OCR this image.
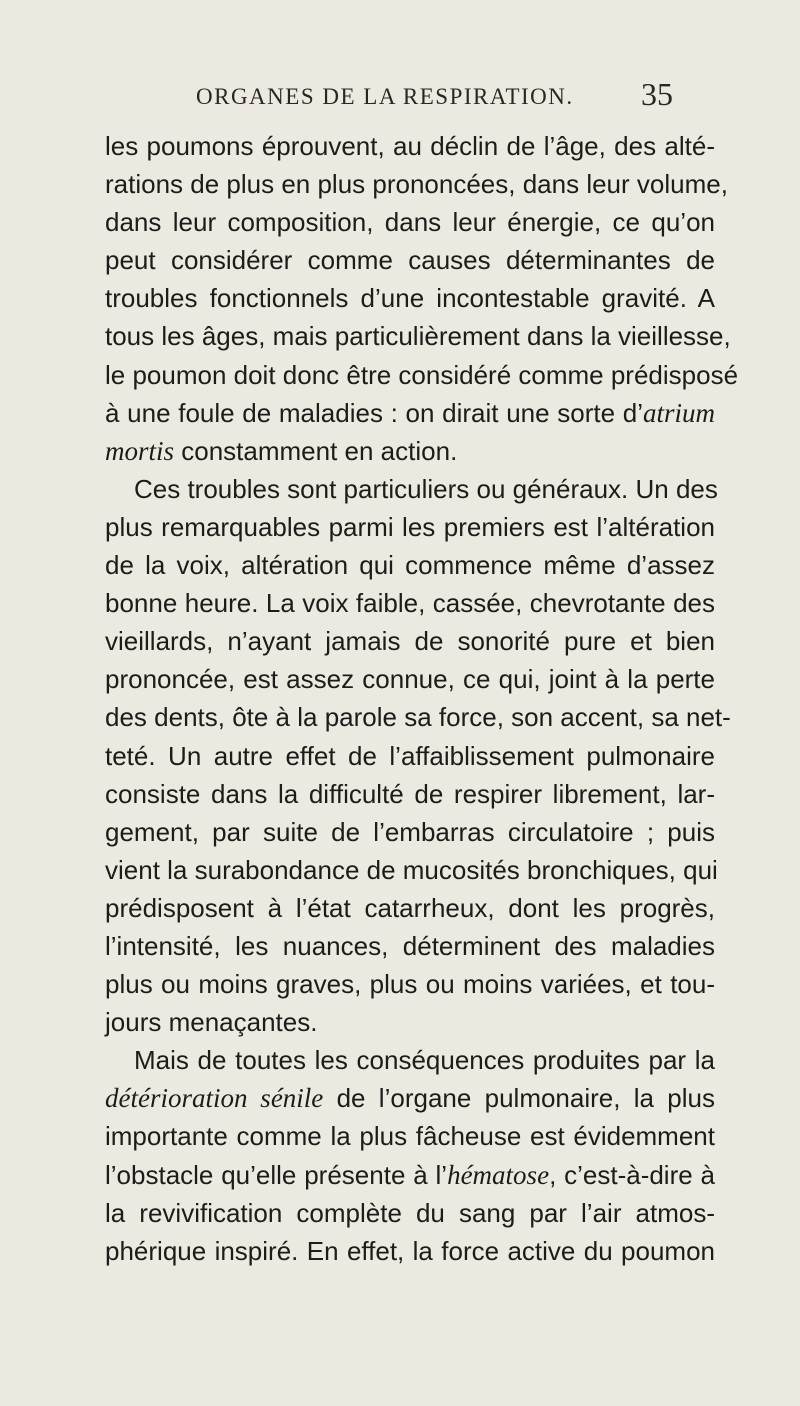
ORGANES DE LA RESPIRATION. 35
les poumons éprouvent, au déclin de l’âge, des alté-
rations de plus en plus prononcées, dans leur volume,
dans leur composition, dans leur énergie, ce qu’on
peut considérer comme causes déterminantes de
troubles fonctionnels d’une incontestable gravité. A
tous les âges, mais particulièrement dans la vieillesse,
le poumon doit donc être considéré comme prédisposé
à une foule de maladies : on dirait une sorte d’atrium
mortis constamment en action.
Ces troubles sont particuliers ou généraux. Un des
plus remarquables parmi les premiers est l’altération
de la voix, altération qui commence même d’assez
bonne heure. La voix faible, cassée, chevrotante des
vieillards, n’ayant jamais de sonorité pure et bien
prononcée, est assez connue, ce qui, joint à la perte
des dents, ôte à la parole sa force, son accent, sa net-
teté. Un autre effet de l’affaiblissement pulmonaire
consiste dans la difficulté de respirer librement, lar-
gement, par suite de l’embarras circulatoire ; puis
vient la surabondance de mucosités bronchiques, qui
prédisposent à l’état catarrheux, dont les progrès,
l’intensité, les nuances, déterminent des maladies
plus ou moins graves, plus ou moins variées, et tou-
jours menaçantes.
Mais de toutes les conséquences produites par la
détérioration sénile de l’organe pulmonaire, la plus
importante comme la plus fâcheuse est évidemment
l’obstacle qu’elle présente à l’hématose, c’est-à-dire à
la revivification complète du sang par l’air atmos-
phérique inspiré. En effet, la force active du poumon
